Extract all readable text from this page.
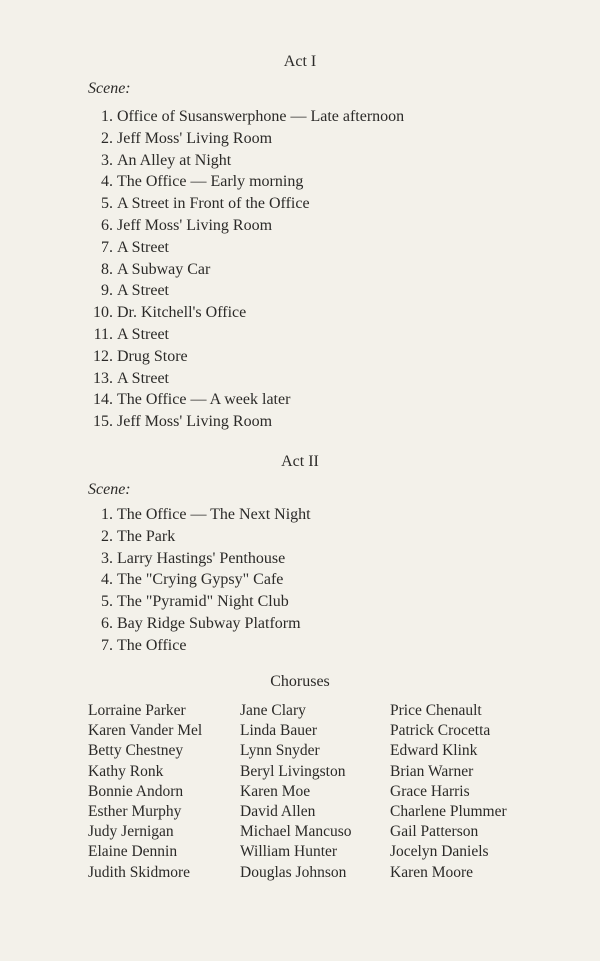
Act I
Scene:
1. Office of Susanswerphone — Late afternoon
2. Jeff Moss' Living Room
3. An Alley at Night
4. The Office — Early morning
5. A Street in Front of the Office
6. Jeff Moss' Living Room
7. A Street
8. A Subway Car
9. A Street
10. Dr. Kitchell's Office
11. A Street
12. Drug Store
13. A Street
14. The Office — A week later
15. Jeff Moss' Living Room
Act II
Scene:
1. The Office — The Next Night
2. The Park
3. Larry Hastings' Penthouse
4. The "Crying Gypsy" Cafe
5. The "Pyramid" Night Club
6. Bay Ridge Subway Platform
7. The Office
Choruses
Lorraine Parker
Karen Vander Mel
Betty Chestney
Kathy Ronk
Bonnie Andorn
Esther Murphy
Judy Jernigan
Elaine Dennin
Judith Skidmore
Jane Clary
Linda Bauer
Lynn Snyder
Beryl Livingston
Karen Moe
David Allen
Michael Mancuso
William Hunter
Douglas Johnson
Price Chenault
Patrick Crocetta
Edward Klink
Brian Warner
Grace Harris
Charlene Plummer
Gail Patterson
Jocelyn Daniels
Karen Moore
